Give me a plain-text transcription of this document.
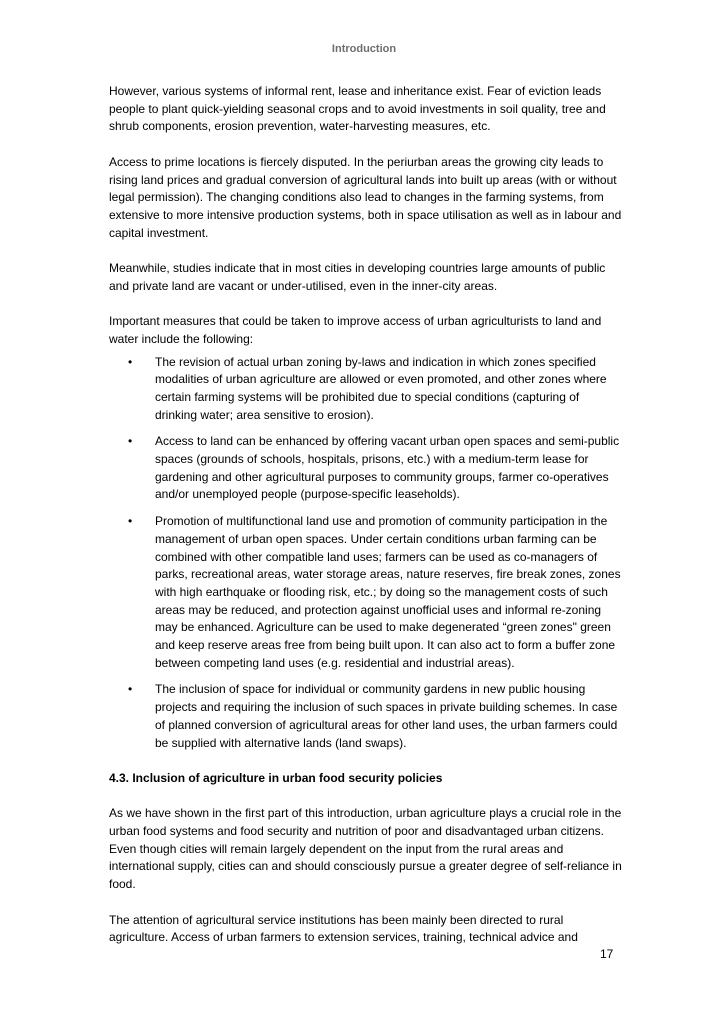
Introduction

However, various systems of informal rent, lease and inheritance exist. Fear of eviction leads people to plant quick-yielding seasonal crops and to avoid investments in soil quality, tree and shrub components, erosion prevention, water-harvesting measures, etc.

Access to prime locations is fiercely disputed. In the periurban areas the growing city leads to rising land prices and gradual conversion of agricultural lands into built up areas (with or without legal permission). The changing conditions also lead to changes in the farming systems, from extensive to more intensive production systems, both in space utilisation as well as in labour and capital investment.

Meanwhile, studies indicate that in most cities in developing countries large amounts of public and private land are vacant or under-utilised, even in the inner-city areas.

Important measures that could be taken to improve access of urban agriculturists to land and water include the following:

• The revision of actual urban zoning by-laws and indication in which zones specified modalities of urban agriculture are allowed or even promoted, and other zones where certain farming systems will be prohibited due to special conditions (capturing of drinking water; area sensitive to erosion).
• Access to land can be enhanced by offering vacant urban open spaces and semi-public spaces (grounds of schools, hospitals, prisons, etc.) with a medium-term lease for gardening and other agricultural purposes to community groups, farmer co-operatives and/or unemployed people (purpose-specific leaseholds).
• Promotion of multifunctional land use and promotion of community participation in the management of urban open spaces. Under certain conditions urban farming can be combined with other compatible land uses; farmers can be used as co-managers of parks, recreational areas, water storage areas, nature reserves, fire break zones, zones with high earthquake or flooding risk, etc.; by doing so the management costs of such areas may be reduced, and protection against unofficial uses and informal re-zoning may be enhanced. Agriculture can be used to make degenerated “green zones" green and keep reserve areas free from being built upon. It can also act to form a buffer zone between competing land uses (e.g. residential and industrial areas).
• The inclusion of space for individual or community gardens in new public housing projects and requiring the inclusion of such spaces in private building schemes. In case of planned conversion of agricultural areas for other land uses, the urban farmers could be supplied with alternative lands (land swaps).

4.3. Inclusion of agriculture in urban food security policies

As we have shown in the first part of this introduction, urban agriculture plays a crucial role in the urban food systems and food security and nutrition of poor and disadvantaged urban citizens. Even though cities will remain largely dependent on the input from the rural areas and international supply, cities can and should consciously pursue a greater degree of self-reliance in food.

The attention of agricultural service institutions has been mainly been directed to rural agriculture. Access of urban farmers to extension services, training, technical advice and

17
